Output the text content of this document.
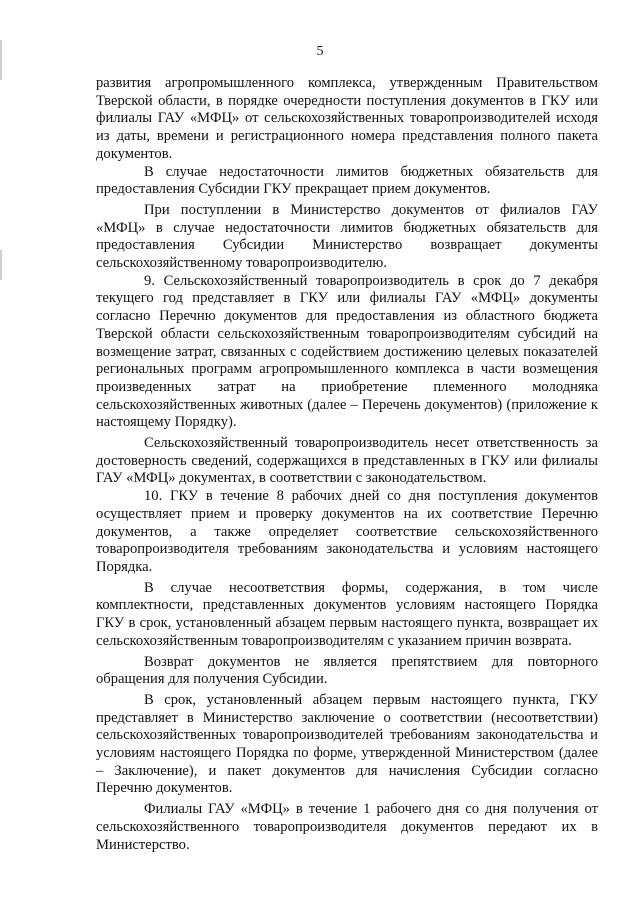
5

развития агропромышленного комплекса, утвержденным Правительством Тверской области, в порядке очередности поступления документов в ГКУ или филиалы ГАУ «МФЦ» от сельскохозяйственных товаропроизводителей исходя из даты, времени и регистрационного номера представления полного пакета документов.

В случае недостаточности лимитов бюджетных обязательств для предоставления Субсидии ГКУ прекращает прием документов.

При поступлении в Министерство документов от филиалов ГАУ «МФЦ» в случае недостаточности лимитов бюджетных обязательств для предоставления Субсидии Министерство возвращает документы сельскохозяйственному товаропроизводителю.

9. Сельскохозяйственный товаропроизводитель в срок до 7 декабря текущего год представляет в ГКУ или филиалы ГАУ «МФЦ» документы согласно Перечню документов для предоставления из областного бюджета Тверской области сельскохозяйственным товаропроизводителям субсидий на возмещение затрат, связанных с содействием достижению целевых показателей региональных программ агропромышленного комплекса в части возмещения произведенных затрат на приобретение племенного молодняка сельскохозяйственных животных (далее – Перечень документов) (приложение к настоящему Порядку).

Сельскохозяйственный товаропроизводитель несет ответственность за достоверность сведений, содержащихся в представленных в ГКУ или филиалы ГАУ «МФЦ» документах, в соответствии с законодательством.

10. ГКУ в течение 8 рабочих дней со дня поступления документов осуществляет прием и проверку документов на их соответствие Перечню документов, а также определяет соответствие сельскохозяйственного товаропроизводителя требованиям законодательства и условиям настоящего Порядка.

В случае несоответствия формы, содержания, в том числе комплектности, представленных документов условиям настоящего Порядка ГКУ в срок, установленный абзацем первым настоящего пункта, возвращает их сельскохозяйственным товаропроизводителям с указанием причин возврата.

Возврат документов не является препятствием для повторного обращения для получения Субсидии.

В срок, установленный абзацем первым настоящего пункта, ГКУ представляет в Министерство заключение о соответствии (несоответствии) сельскохозяйственных товаропроизводителей требованиям законодательства и условиям настоящего Порядка по форме, утвержденной Министерством (далее – Заключение), и пакет документов для начисления Субсидии согласно Перечню документов.

Филиалы ГАУ «МФЦ» в течение 1 рабочего дня со дня получения от сельскохозяйственного товаропроизводителя документов передают их в Министерство.
